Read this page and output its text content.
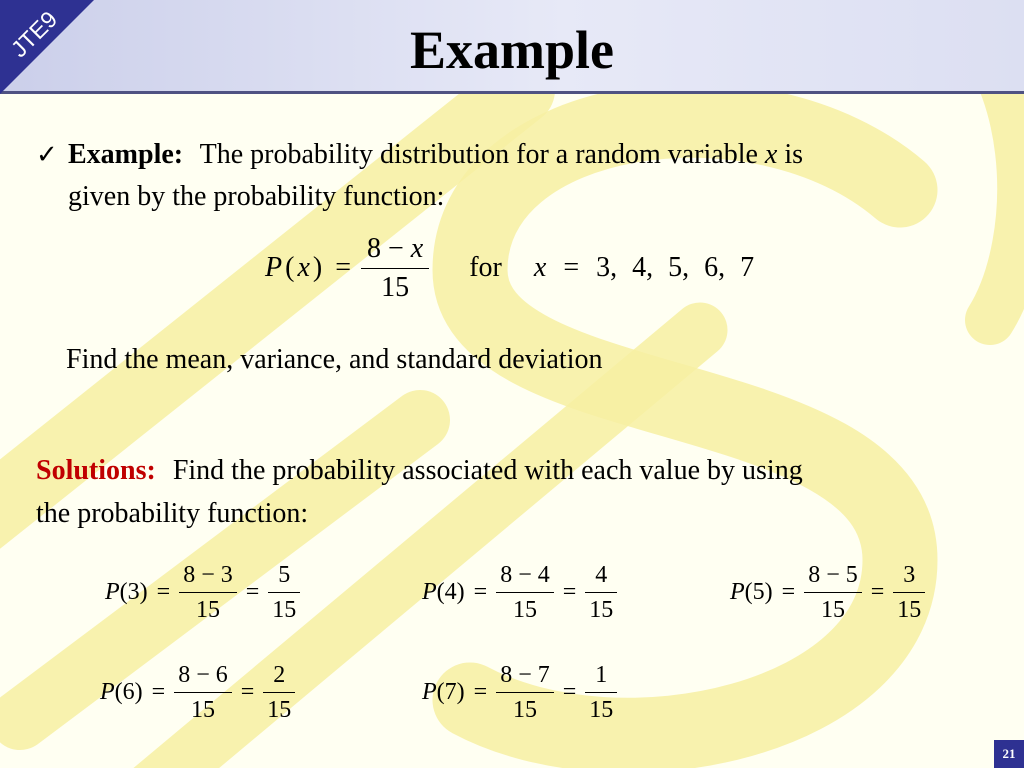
JTE9	Example
21
✓ Example: The probability distribution for a random variable x is
given by the probability function:
P ( x ) = $\frac{8 - x}{15}$ for x = 3, 4, 5, 6, 7
Find the mean, variance, and standard deviation
Solutions: Find the probability associated with each value by using
the probability function:
P $(3) = \frac{8 - 3}{15} = \frac{5}{15}$	P $(4) = \frac{8 - 4}{15} = \frac{4}{15}$	P $(5) = \frac{8 - 5}{15} = \frac{3}{15}$
P $(6) = \frac{8 - 6}{15} = \frac{2}{15}$	P $(7) = \frac{8 - 7}{15} = \frac{1}{15}$
